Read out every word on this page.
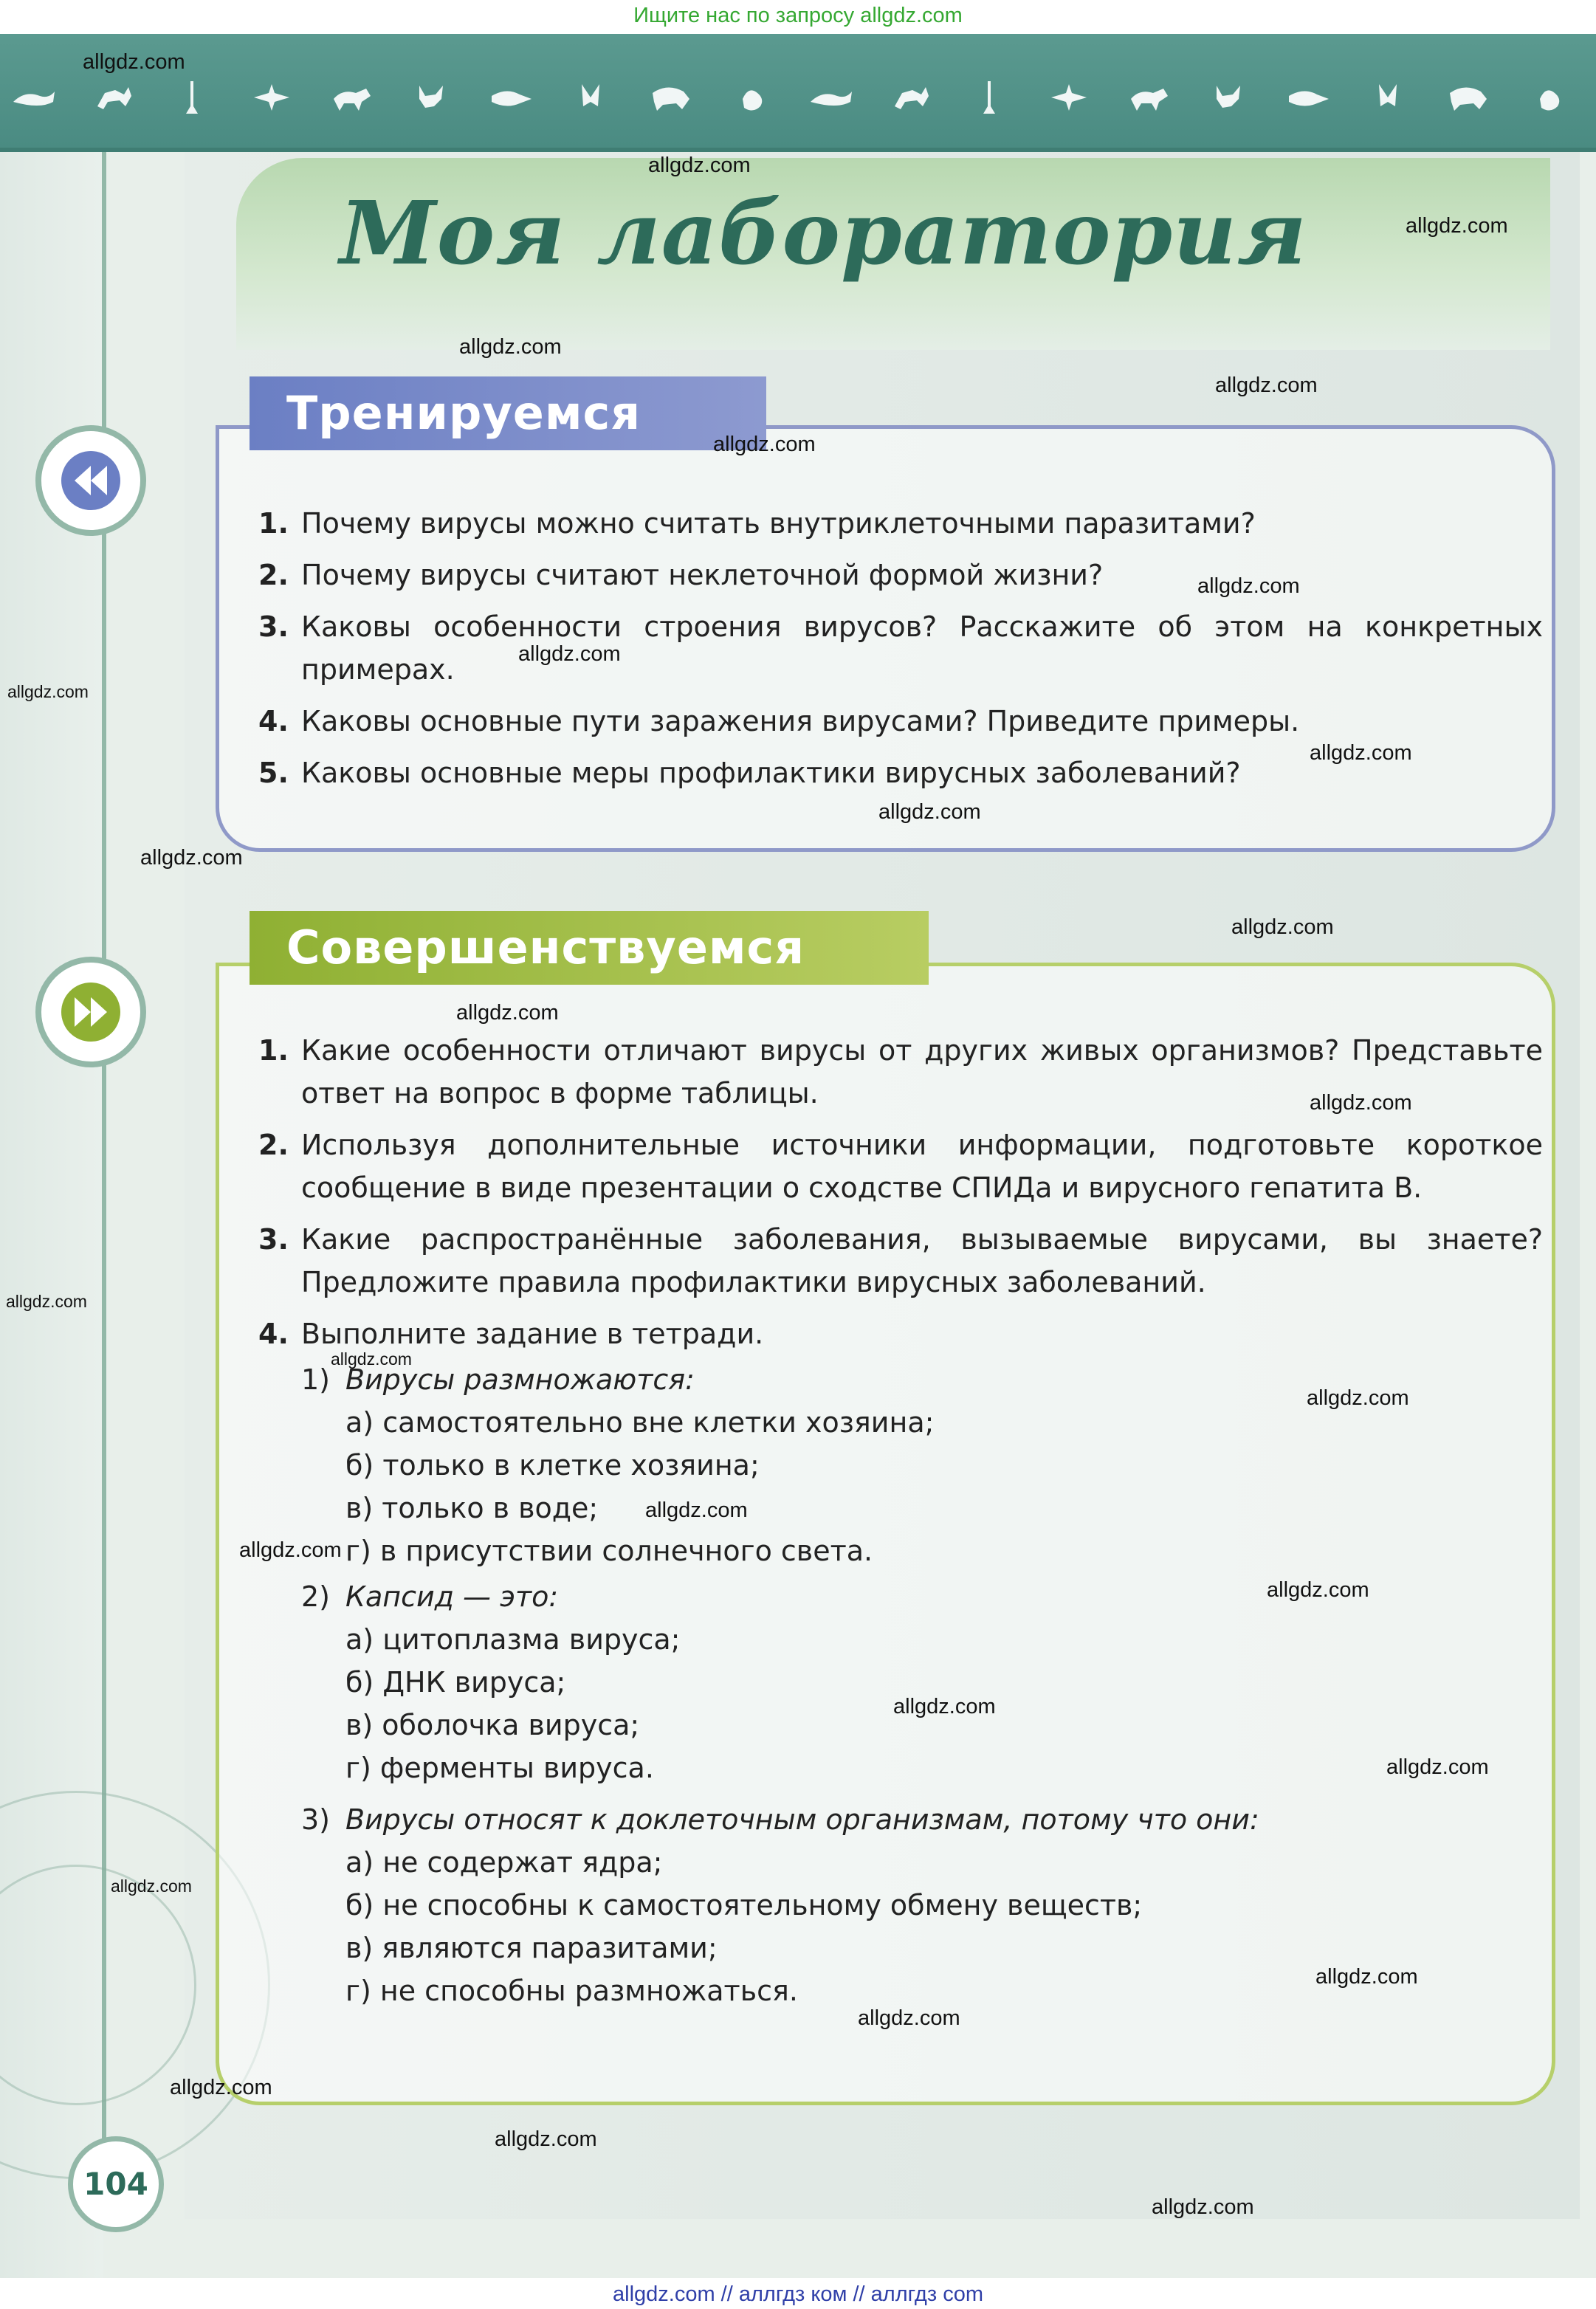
Ищите нас по запросу allgdz.com
Моя лаборатория
Тренируемся

1. Почему вирусы можно считать внутриклеточными паразитами?

2. Почему вирусы считают неклеточной формой жизни?

3. Каковы особенности строения вирусов? Расскажите об этом на конкретных примерах.

4. Каковы основные пути заражения вирусами? Приведите примеры.

5. Каковы основные меры профилактики вирусных заболеваний?

Совершенствуемся

1. Какие особенности отличают вирусы от других живых организмов? Представьте ответ на вопрос в форме таблицы.

2. Используя дополнительные источники информации, подготовьте короткое сообщение в виде презентации о сходстве СПИДа и вирусного гепатита В.

3. Какие распространённые заболевания, вызываемые вирусами, вы знаете? Предложите правила профилактики вирусных заболеваний.

4. Выполните задание в тетради.

1) Вирусы размножаются:

а) самостоятельно вне клетки хозяина;

б) только в клетке хозяина;

в) только в воде;

г) в присутствии солнечного света.

2) Капсид — это:

а) цитоплазма вируса;

б) ДНК вируса;

в) оболочка вируса;

г) ферменты вируса.

3) Вирусы относят к доклеточным организмам, потому что они:

а) не содержат ядра;

б) не способны к самостоятельному обмену веществ;

в) являются паразитами;

г) не способны размножаться.

104
allgdz.com
allgdz.com
allgdz.com
allgdz.com
allgdz.com
allgdz.com
allgdz.com
allgdz.com
allgdz.com
allgdz.com
allgdz.com
allgdz.com
allgdz.com
allgdz.com
allgdz.com
allgdz.com
allgdz.com
allgdz.com
allgdz.com
allgdz.com
allgdz.com
allgdz.com
allgdz.com
allgdz.com
allgdz.com
allgdz.com
allgdz.com
allgdz.com
allgdz.com
allgdz.com // аллгдз ком // аллгдз com
